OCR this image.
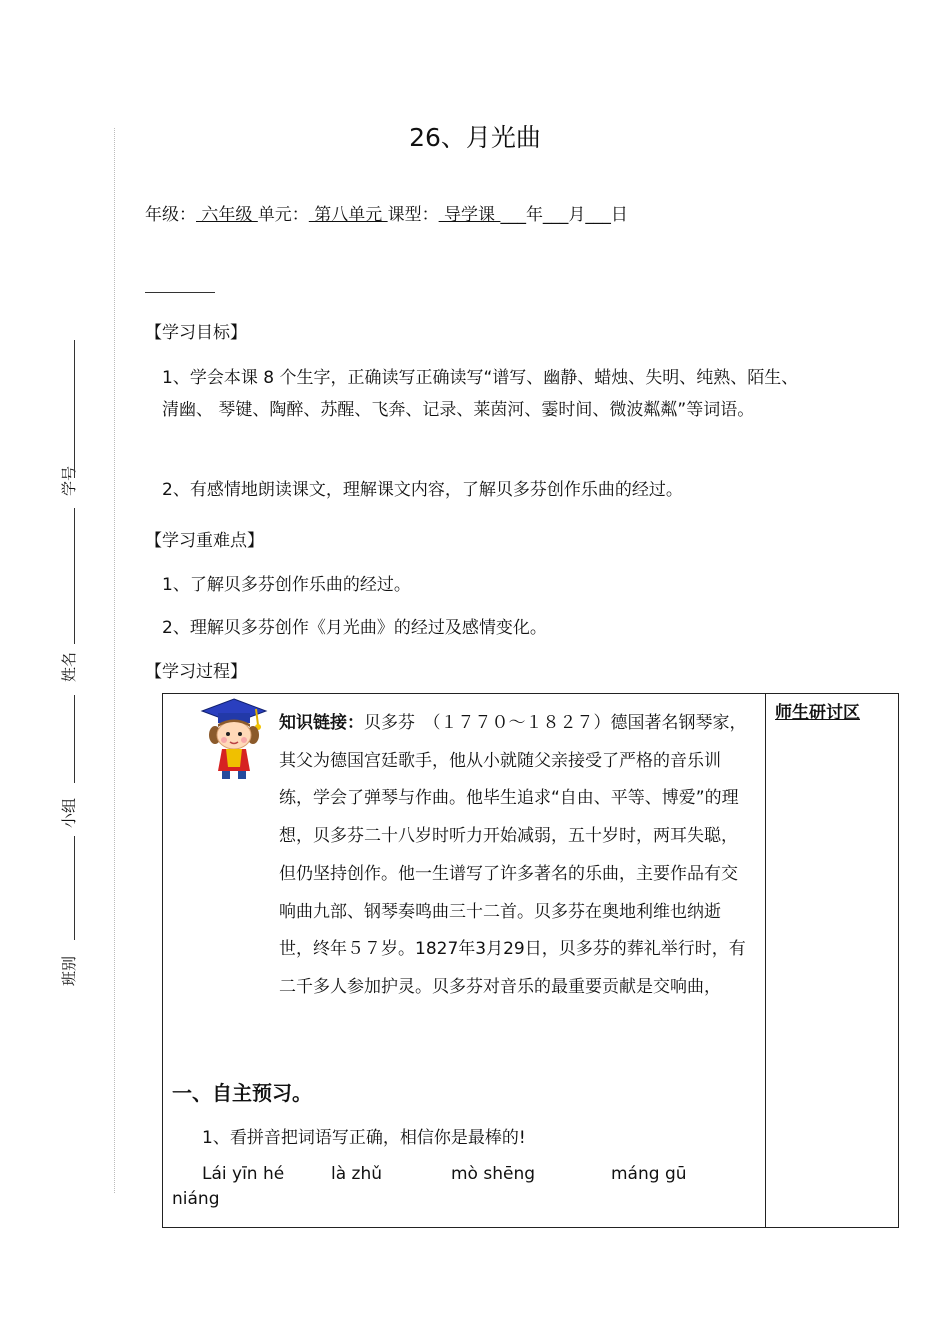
学号
姓名
小组
班别
26、月光曲
年级： 六年级 单元： 第八单元 课型： 导学课 ___年___月___日
【学习目标】
1、学会本课 8 个生字，正确读写正确读写“谱写、幽静、蜡烛、失明、纯熟、陌生、清幽、 琴键、陶醉、苏醒、飞奔、记录、莱茵河、霎时间、微波粼粼”等词语。
2、有感情地朗读课文，理解课文内容，了解贝多芬创作乐曲的经过。
【学习重难点】
1、了解贝多芬创作乐曲的经过。
2、理解贝多芬创作《月光曲》的经过及感情变化。
【学习过程】
师生研讨区
知识链接：贝多芬　（１７７０～１８２７）德国著名钢琴家，其父为德国宫廷歌手，他从小就随父亲接受了严格的音乐训练，学会了弹琴与作曲。他毕生追求“自由、平等、博爱”的理想，贝多芬二十八岁时听力开始减弱，五十岁时，两耳失聪，但仍坚持创作。他一生谱写了许多著名的乐曲，主要作品有交响曲九部、钢琴奏鸣曲三十二首。贝多芬在奥地利维也纳逝世，终年５７岁。1827年3月29日，贝多芬的葬礼举行时，有二千多人参加护灵。贝多芬对音乐的最重要贡献是交响曲，
一、自主预习。
1、看拼音把词语写正确，相信你是最棒的!
Lái yīn hé	là zhǔ	mò shēng	máng gū
niáng
